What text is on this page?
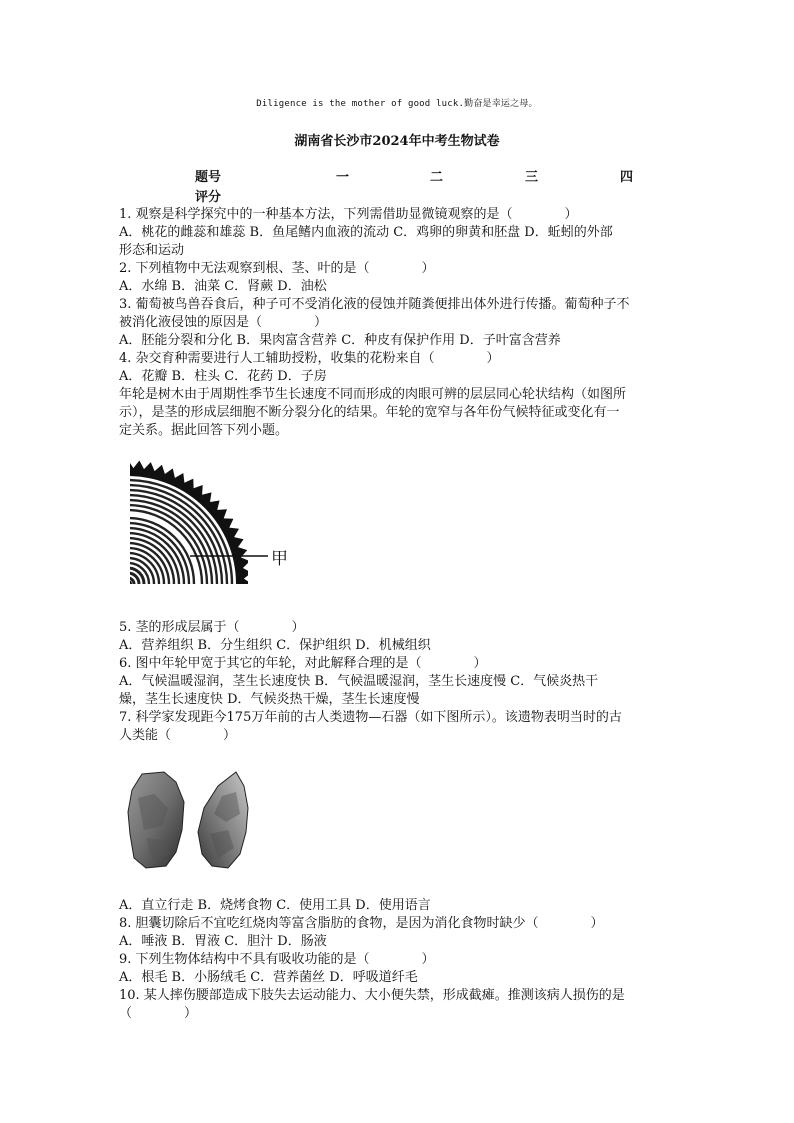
Diligence is the mother of good luck.勤奋是幸运之母。
湖南省长沙市2024年中考生物试卷
题号	一	二	三	四
评分
1. 观察是科学探究中的一种基本方法，下列需借助显微镜观察的是（　　　　）
A．桃花的雌蕊和雄蕊 B．鱼尾鳍内血液的流动 C．鸡卵的卵黄和胚盘 D．蚯蚓的外部
形态和运动
2. 下列植物中无法观察到根、茎、叶的是（　　　　）
A．水绵 B．油菜 C．肾蕨 D．油松
3. 葡萄被鸟兽吞食后，种子可不受消化液的侵蚀并随粪便排出体外进行传播。葡萄种子不
被消化液侵蚀的原因是（　　　　）
A．胚能分裂和分化 B．果肉富含营养 C．种皮有保护作用 D．子叶富含营养
4. 杂交育种需要进行人工辅助授粉，收集的花粉来自（　　　　）
A．花瓣 B．柱头 C．花药 D．子房
年轮是树木由于周期性季节生长速度不同而形成的肉眼可辨的层层同心轮状结构（如图所
示），是茎的形成层细胞不断分裂分化的结果。年轮的宽窄与各年份气候特征或变化有一
定关系。据此回答下列小题。
甲
5. 茎的形成层属于（　　　　）
A．营养组织 B．分生组织 C．保护组织 D．机械组织
6. 图中年轮甲宽于其它的年轮，对此解释合理的是（　　　　）
A．气候温暖湿润，茎生长速度快 B．气候温暖湿润，茎生长速度慢 C．气候炎热干
燥，茎生长速度快 D．气候炎热干燥，茎生长速度慢
7. 科学家发现距今175万年前的古人类遗物—石器（如下图所示）。该遗物表明当时的古
人类能（　　　　）
A．直立行走 B．烧烤食物 C．使用工具 D．使用语言
8. 胆囊切除后不宜吃红烧肉等富含脂肪的食物，是因为消化食物时缺少（　　　　）
A．唾液 B．胃液 C．胆汁 D．肠液
9. 下列生物体结构中不具有吸收功能的是（　　　　）
A．根毛 B．小肠绒毛 C．营养菌丝 D．呼吸道纤毛
10. 某人摔伤腰部造成下肢失去运动能力、大小便失禁，形成截瘫。推测该病人损伤的是
（　　　　）
